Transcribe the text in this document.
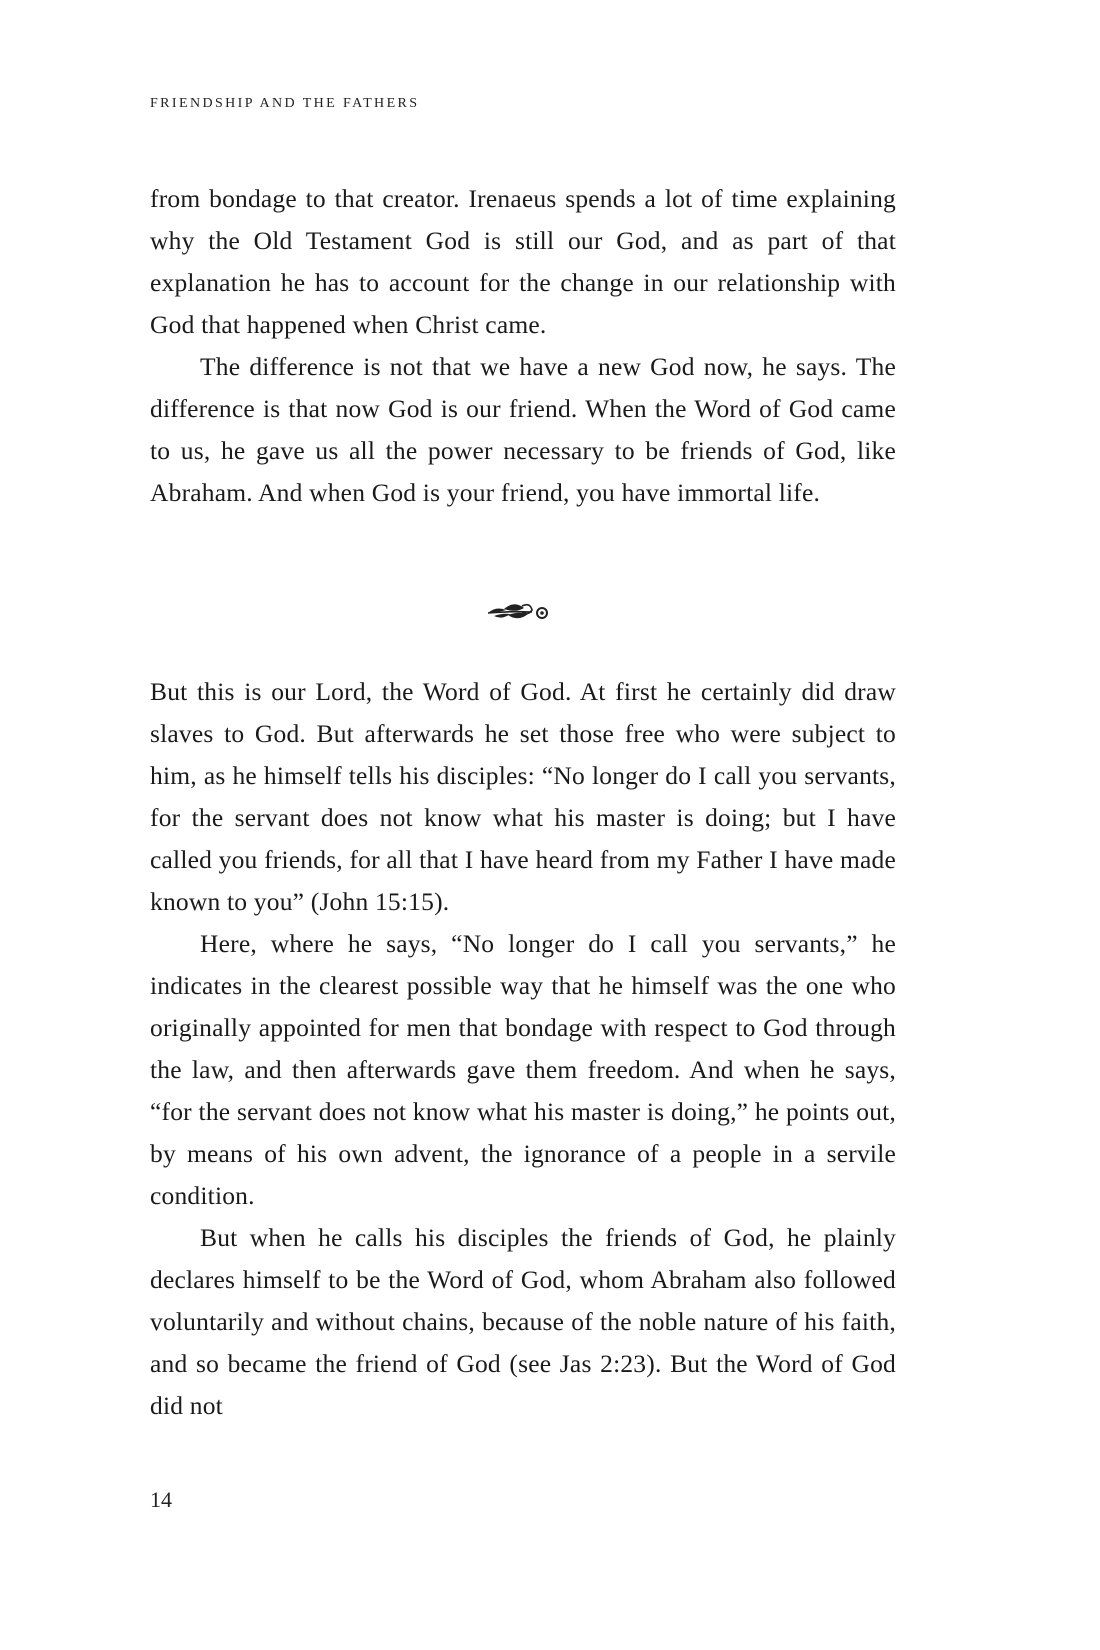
FRIENDSHIP AND THE FATHERS

from bondage to that creator. Irenaeus spends a lot of time explaining why the Old Testament God is still our God, and as part of that explanation he has to account for the change in our relationship with God that happened when Christ came.

The difference is not that we have a new God now, he says. The difference is that now God is our friend. When the Word of God came to us, he gave us all the power necessary to be friends of God, like Abraham. And when God is your friend, you have immortal life.

But this is our Lord, the Word of God. At first he certainly did draw slaves to God. But afterwards he set those free who were subject to him, as he himself tells his disciples: “No longer do I call you servants, for the servant does not know what his master is doing; but I have called you friends, for all that I have heard from my Father I have made known to you” (John 15:15).

Here, where he says, “No longer do I call you servants,” he indicates in the clearest possible way that he himself was the one who originally appointed for men that bondage with respect to God through the law, and then afterwards gave them freedom. And when he says, “for the servant does not know what his master is doing,” he points out, by means of his own advent, the ignorance of a people in a servile condition.

But when he calls his disciples the friends of God, he plainly declares himself to be the Word of God, whom Abraham also followed voluntarily and without chains, because of the noble nature of his faith, and so became the friend of God (see Jas 2:23). But the Word of God did not

14
